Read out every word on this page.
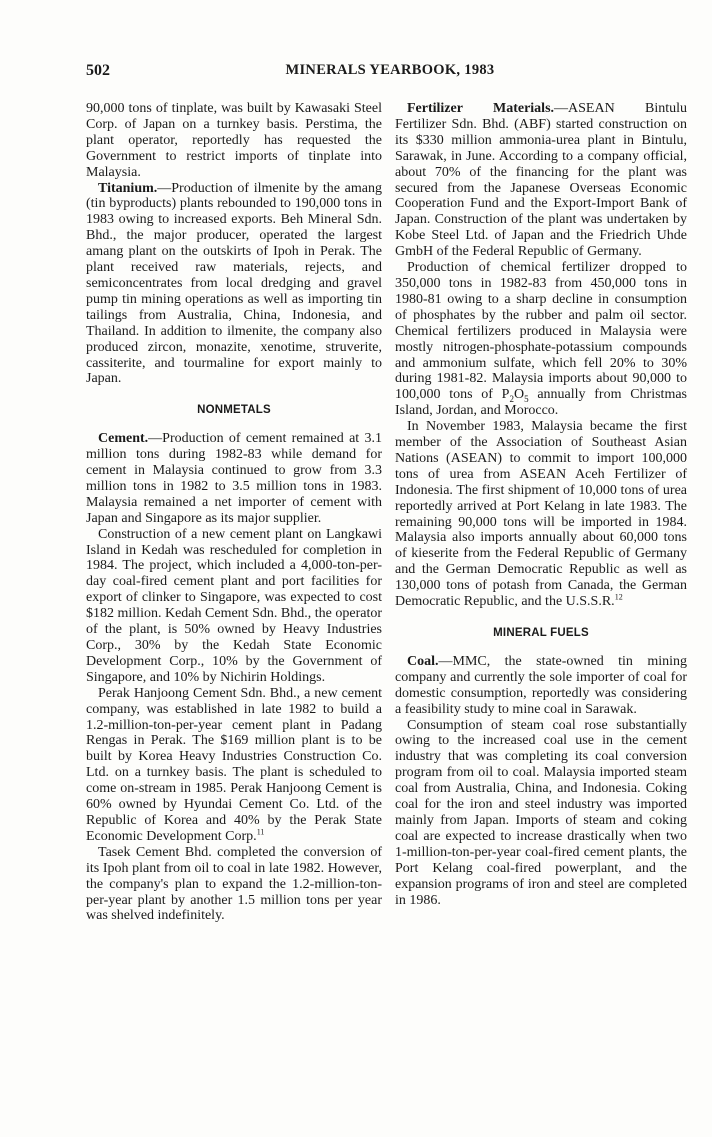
502	MINERALS YEARBOOK, 1983

90,000 tons of tinplate, was built by Kawasaki Steel Corp. of Japan on a turnkey basis. Perstima, the plant operator, reportedly has requested the Government to restrict imports of tinplate into Malaysia.

Titanium.—Production of ilmenite by the amang (tin byproducts) plants rebounded to 190,000 tons in 1983 owing to increased exports. Beh Mineral Sdn. Bhd., the major producer, operated the largest amang plant on the outskirts of Ipoh in Perak. The plant received raw materials, rejects, and semiconcentrates from local dredging and gravel pump tin mining operations as well as importing tin tailings from Australia, China, Indonesia, and Thailand. In addition to ilmenite, the company also produced zircon, monazite, xenotime, struverite, cassiterite, and tourmaline for export mainly to Japan.

NONMETALS

Cement.—Production of cement remained at 3.1 million tons during 1982-83 while demand for cement in Malaysia continued to grow from 3.3 million tons in 1982 to 3.5 million tons in 1983. Malaysia remained a net importer of cement with Japan and Singapore as its major supplier.

Construction of a new cement plant on Langkawi Island in Kedah was rescheduled for completion in 1984. The project, which included a 4,000-ton-per-day coal-fired cement plant and port facilities for export of clinker to Singapore, was expected to cost $182 million. Kedah Cement Sdn. Bhd., the operator of the plant, is 50% owned by Heavy Industries Corp., 30% by the Kedah State Economic Development Corp., 10% by the Government of Singapore, and 10% by Nichirin Holdings.

Perak Hanjoong Cement Sdn. Bhd., a new cement company, was established in late 1982 to build a 1.2-million-ton-per-year cement plant in Padang Rengas in Perak. The $169 million plant is to be built by Korea Heavy Industries Construction Co. Ltd. on a turnkey basis. The plant is scheduled to come on-stream in 1985. Perak Hanjoong Cement is 60% owned by Hyundai Cement Co. Ltd. of the Republic of Korea and 40% by the Perak State Economic Development Corp.$^{11}$

Tasek Cement Bhd. completed the conversion of its Ipoh plant from oil to coal in late 1982. However, the company's plan to expand the 1.2-million-ton-per-year plant by another 1.5 million tons per year was shelved indefinitely.

Fertilizer Materials.—ASEAN Bintulu Fertilizer Sdn. Bhd. (ABF) started construction on its $330 million ammonia-urea plant in Bintulu, Sarawak, in June. According to a company official, about 70% of the financing for the plant was secured from the Japanese Overseas Economic Cooperation Fund and the Export-Import Bank of Japan. Construction of the plant was undertaken by Kobe Steel Ltd. of Japan and the Friedrich Uhde GmbH of the Federal Republic of Germany.

Production of chemical fertilizer dropped to 350,000 tons in 1982-83 from 450,000 tons in 1980-81 owing to a sharp decline in consumption of phosphates by the rubber and palm oil sector. Chemical fertilizers produced in Malaysia were mostly nitrogen-phosphate-potassium compounds and ammonium sulfate, which fell 20% to 30% during 1981-82. Malaysia imports about 90,000 to 100,000 tons of $P_2O_5$ annually from Christmas Island, Jordan, and Morocco.

In November 1983, Malaysia became the first member of the Association of Southeast Asian Nations (ASEAN) to commit to import 100,000 tons of urea from ASEAN Aceh Fertilizer of Indonesia. The first shipment of 10,000 tons of urea reportedly arrived at Port Kelang in late 1983. The remaining 90,000 tons will be imported in 1984. Malaysia also imports annually about 60,000 tons of kieserite from the Federal Republic of Germany and the German Democratic Republic as well as 130,000 tons of potash from Canada, the German Democratic Republic, and the U.S.S.R.$^{12}$

MINERAL FUELS

Coal.—MMC, the state-owned tin mining company and currently the sole importer of coal for domestic consumption, reportedly was considering a feasibility study to mine coal in Sarawak.

Consumption of steam coal rose substantially owing to the increased coal use in the cement industry that was completing its coal conversion program from oil to coal. Malaysia imported steam coal from Australia, China, and Indonesia. Coking coal for the iron and steel industry was imported mainly from Japan. Imports of steam and coking coal are expected to increase drastically when two 1-million-ton-per-year coal-fired cement plants, the Port Kelang coal-fired powerplant, and the expansion programs of iron and steel are completed in 1986.
